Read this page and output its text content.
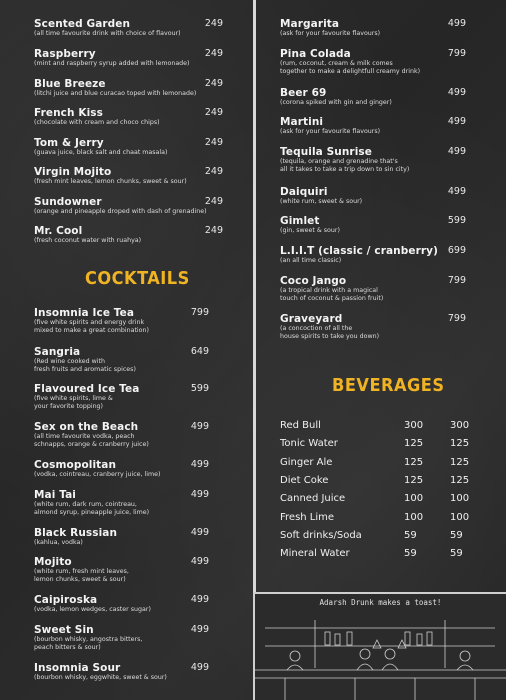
Scented Garden
(all time favourite drink with choice of flavour)
249
Raspberry
(mint and raspberry syrup added with lemonade)
249
Blue Breeze
(litchi juice and blue curacao toped with lemonade)
249
French Kiss
(chocolate with cream and choco chips)
249
Tom & Jerry
(guava juice, black salt and chaat masala)
249
Virgin Mojito
(fresh mint leaves, lemon chunks, sweet & sour)
249
Sundowner
(orange and pineapple droped with dash of grenadine)
249
Mr. Cool
(fresh coconut water with ruahya)
249
COCKTAILS
Insomnia Ice Tea
(five white spirits and energy drink
mixed to make a great combination)
799
Sangria
(Red wine cooked with
fresh fruits and aromatic spices)
649
Flavoured Ice Tea
(five white spirits, lime &
your favorite topping)
599
Sex on the Beach
(all time favourite vodka, peach
schnapps, orange & cranberry juice)
499
Cosmopolitan
(vodka, cointreau, cranberry juice, lime)
499
Mai Tai
(white rum, dark rum, cointreau,
almond syrup, pineapple juice, lime)
499
Black Russian
(kahlua, vodka)
499
Mojito
(white rum, fresh mint leaves,
lemon chunks, sweet & sour)
499
Caipiroska
(vodka, lemon wedges, caster sugar)
499
Sweet Sin
(bourbon whisky, angostra bitters,
peach bitters & sour)
499
Insomnia Sour
(bourbon whisky, eggwhite, sweet & sour)
499
Margarita
(ask for your favourite flavours)
499
Pina Colada
(rum, coconut, cream & milk comes
together to make a delightfull creamy drink)
799
Beer 69
(corona spiked with gin and ginger)
499
Martini
(ask for your favourite flavours)
499
Tequila Sunrise
(tequila, orange and grenadine that's
all it takes to take a trip down to sin city)
499
Daiquiri
(white rum, sweet & sour)
499
Gimlet
(gin, sweet & sour)
599
L.I.I.T (classic / cranberry)
(an all time classic)
699
Coco Jango
(a tropical drink with a magical
touch of coconut & passion fruit)
799
Graveyard
(a concoction of all the
house spirits to take you down)
799
BEVERAGES
Red Bull	300	300
Tonic Water	125	125
Ginger Ale	125	125
Diet Coke	125	125
Canned Juice	100	100
Fresh Lime	100	100
Soft drinks/Soda	59	59
Mineral Water	59	59
Adarsh Drunk makes a toast!
